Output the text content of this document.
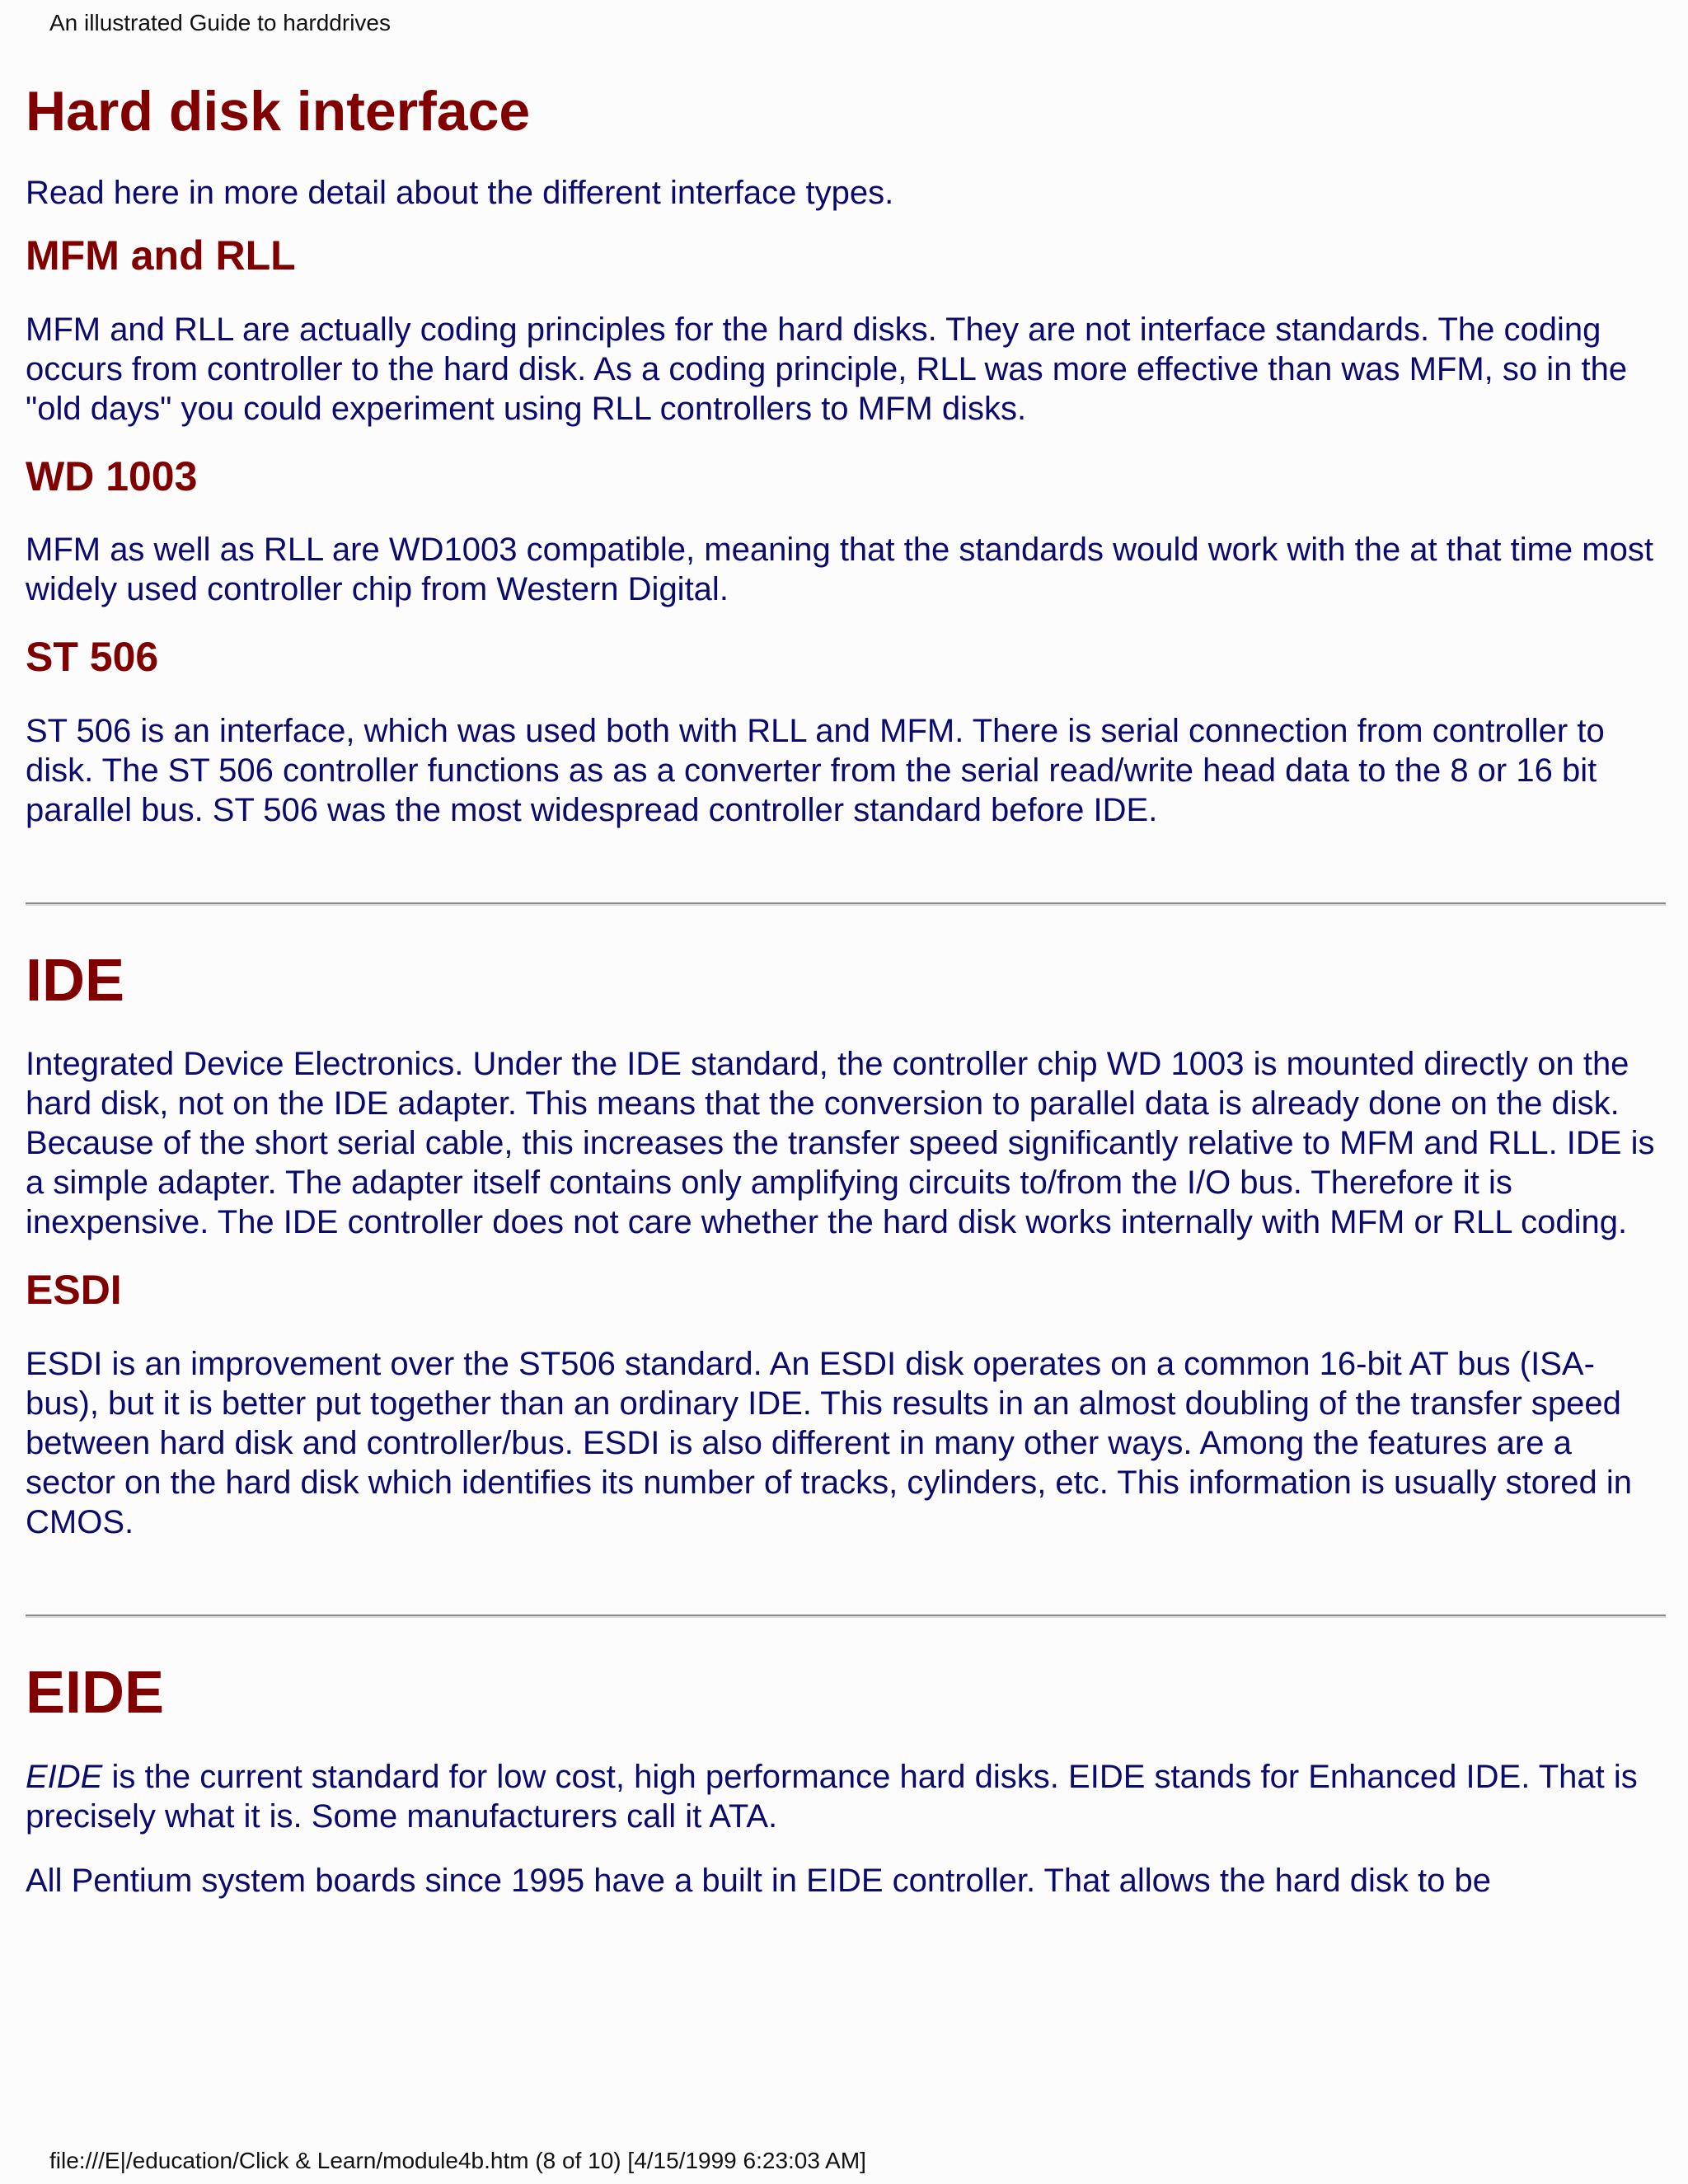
An illustrated Guide to harddrives
Hard disk interface

Read here in more detail about the different interface types.

MFM and RLL

MFM and RLL are actually coding principles for the hard disks. They are not interface standards. The coding occurs from controller to the hard disk. As a coding principle, RLL was more effective than was MFM, so in the "old days" you could experiment using RLL controllers to MFM disks.

WD 1003

MFM as well as RLL are WD1003 compatible, meaning that the standards would work with the at that time most widely used controller chip from Western Digital.

ST 506

ST 506 is an interface, which was used both with RLL and MFM. There is serial connection from controller to disk. The ST 506 controller functions as as a converter from the serial read/write head data to the 8 or 16 bit parallel bus. ST 506 was the most widespread controller standard before IDE.

IDE

Integrated Device Electronics. Under the IDE standard, the controller chip WD 1003 is mounted directly on the hard disk, not on the IDE adapter. This means that the conversion to parallel data is already done on the disk. Because of the short serial cable, this increases the transfer speed significantly relative to MFM and RLL. IDE is a simple adapter. The adapter itself contains only amplifying circuits to/from the I/O bus. Therefore it is inexpensive. The IDE controller does not care whether the hard disk works internally with MFM or RLL coding.

ESDI

ESDI is an improvement over the ST506 standard. An ESDI disk operates on a common 16-bit AT bus (ISA-bus), but it is better put together than an ordinary IDE. This results in an almost doubling of the transfer speed between hard disk and controller/bus. ESDI is also different in many other ways. Among the features are a sector on the hard disk which identifies its number of tracks, cylinders, etc. This information is usually stored in CMOS.

EIDE

EIDE is the current standard for low cost, high performance hard disks. EIDE stands for Enhanced IDE. That is precisely what it is. Some manufacturers call it ATA.

All Pentium system boards since 1995 have a built in EIDE controller. That allows the hard disk to be

file:///E|/education/Click & Learn/module4b.htm (8 of 10) [4/15/1999 6:23:03 AM]
